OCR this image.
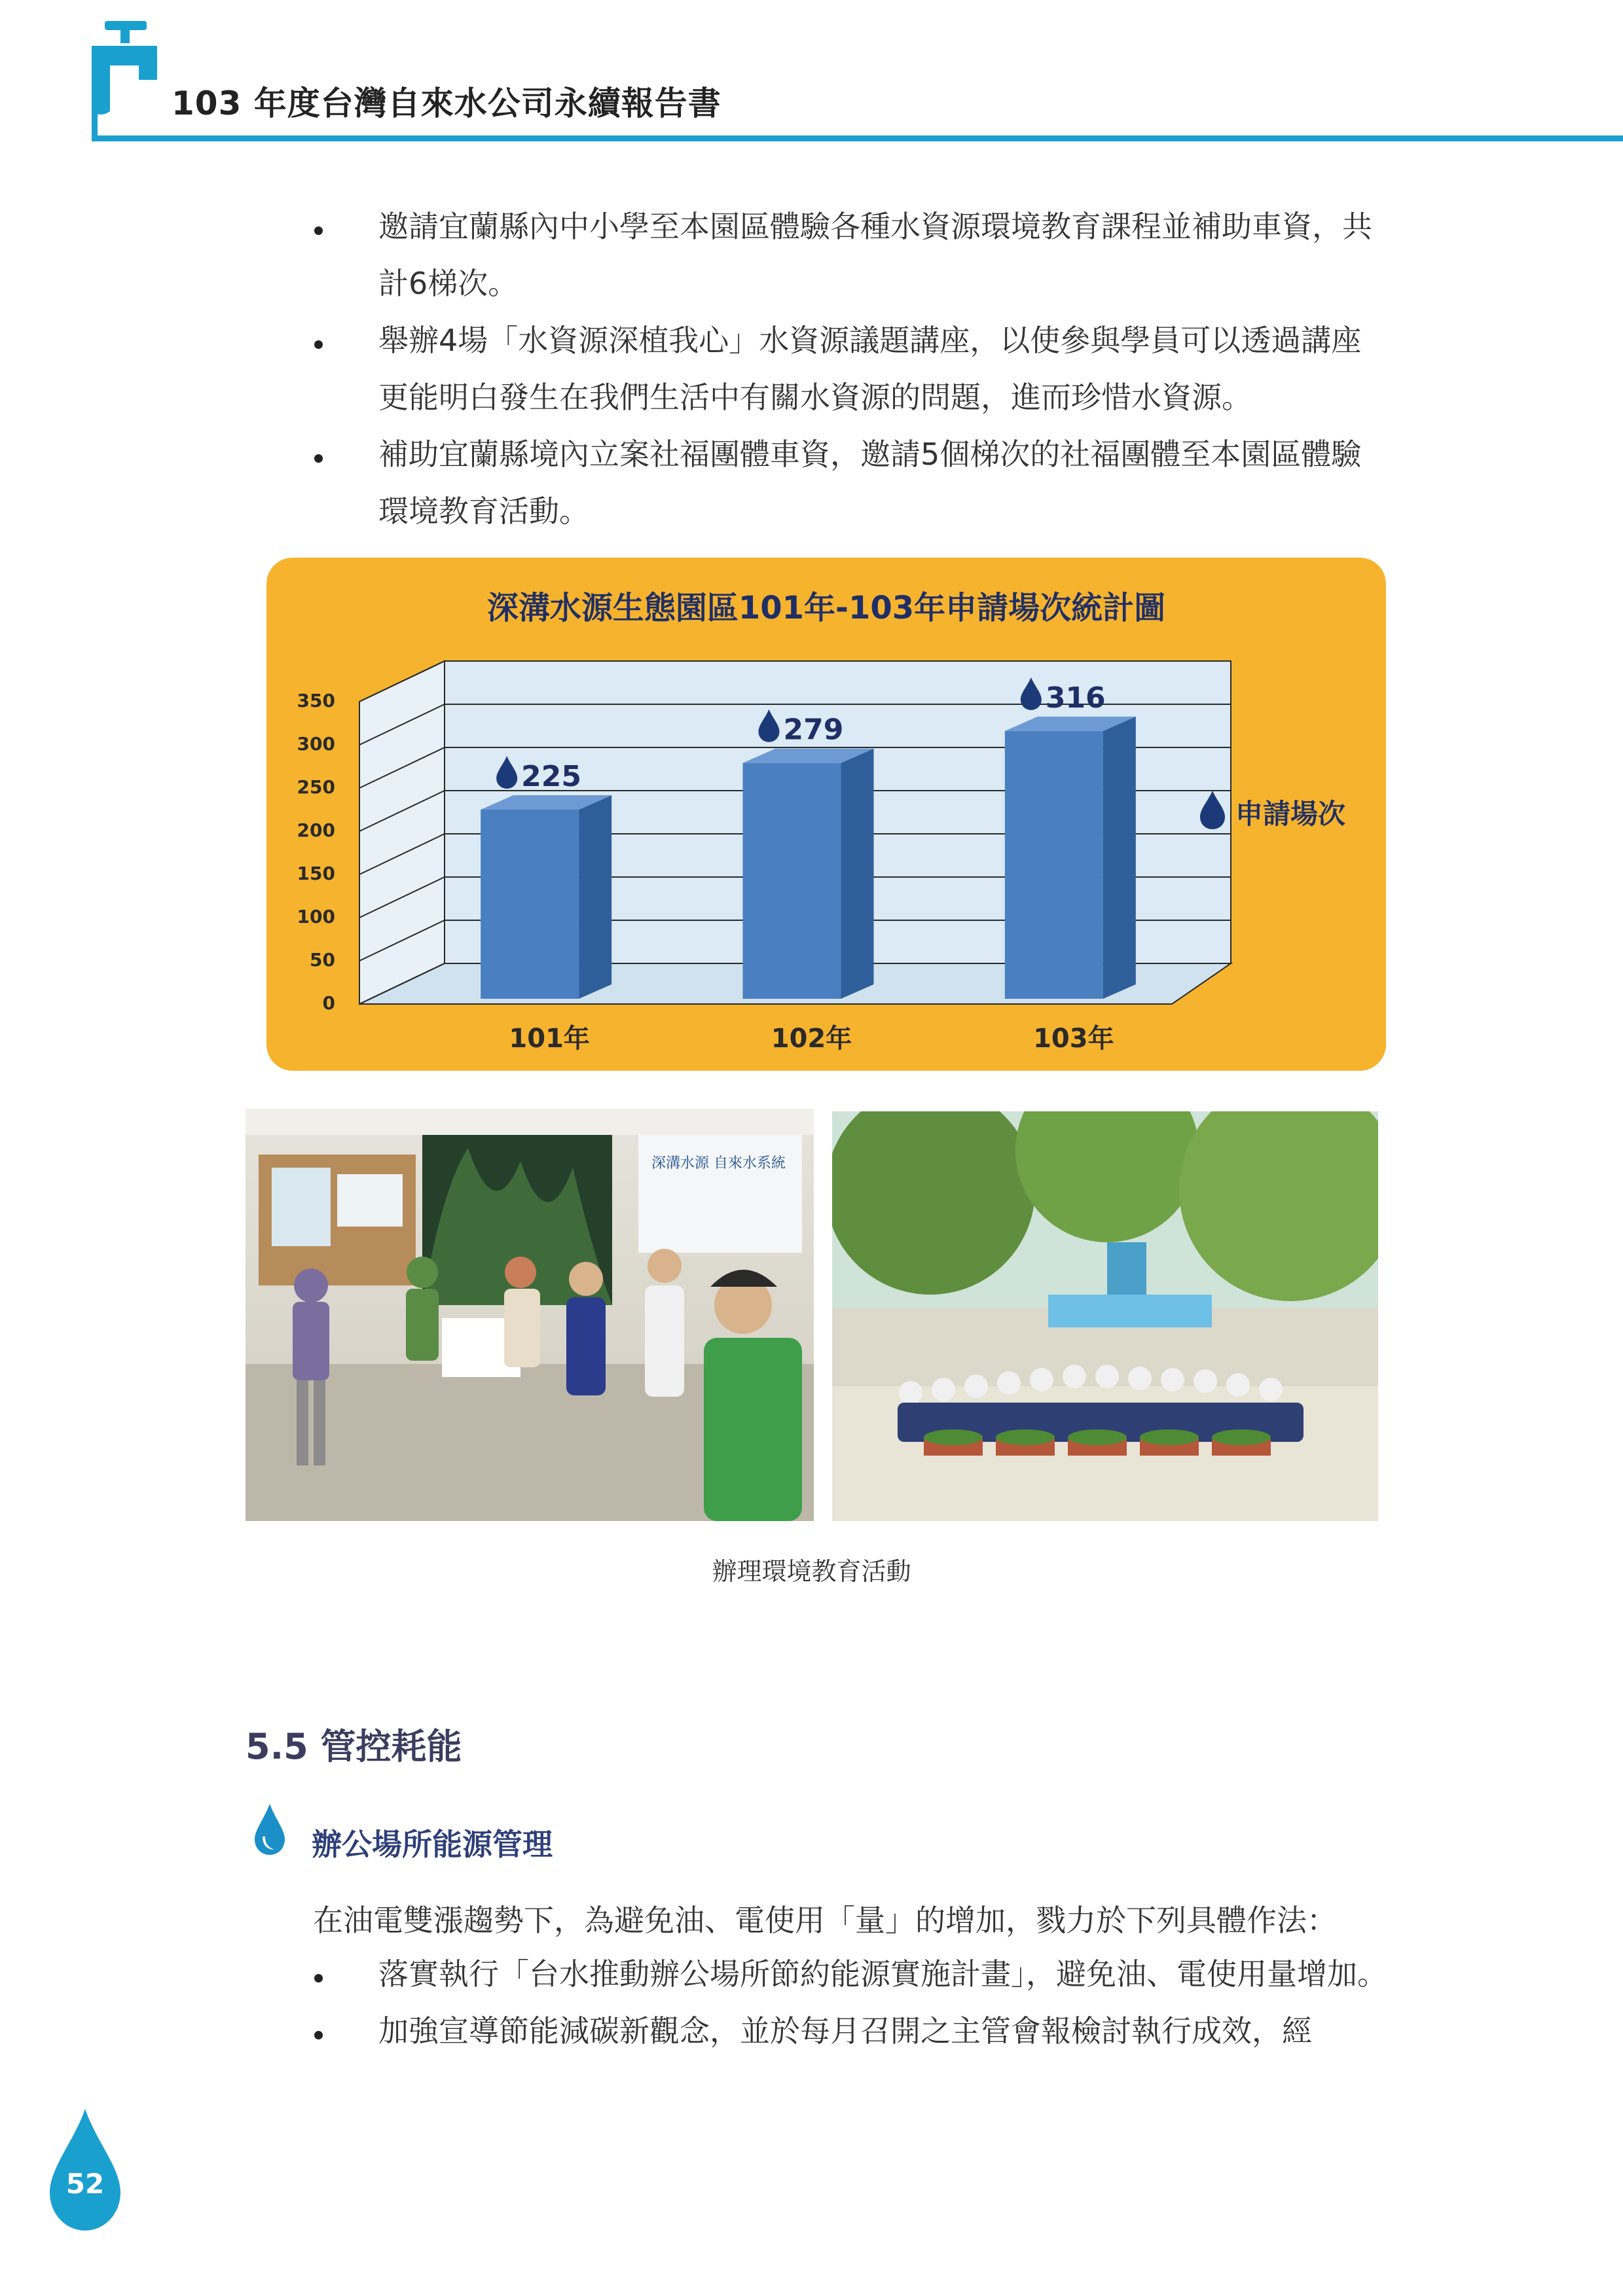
103 年度台灣自來水公司永續報告書
邀請宜蘭縣內中小學至本園區體驗各種水資源環境教育課程並補助車資，共計6梯次。
舉辦4場「水資源深植我心」水資源議題講座，以使參與學員可以透過講座更能明白發生在我們生活中有關水資源的問題，進而珍惜水資源。
補助宜蘭縣境內立案社福團體車資，邀請5個梯次的社福團體至本園區體驗環境教育活動。
深溝水源生態園區101年-103年申請場次統計圖
0
50
100
150
200
250
300
350
225
101年
279
102年
316
103年
申請場次
深溝水源 自來水系統
辦理環境教育活動
5.5 管控耗能
辦公場所能源管理
在油電雙漲趨勢下，為避免油、電使用「量」的增加，戮力於下列具體作法：
落實執行「台水推動辦公場所節約能源實施計畫」，避免油、電使用量增加。
加強宣導節能減碳新觀念，並於每月召開之主管會報檢討執行成效，經
52
